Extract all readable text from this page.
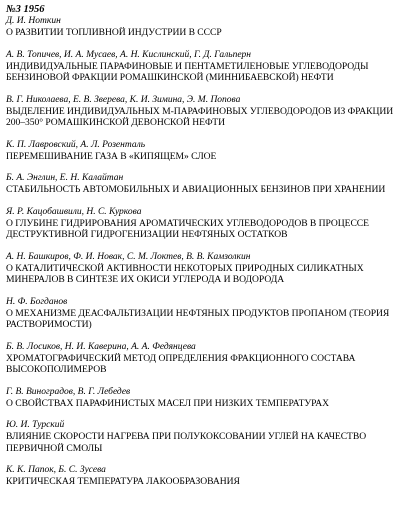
№3 1956
Д. И. Ноткин
О РАЗВИТИИ ТОПЛИВНОЙ ИНДУСТРИИ В СССР
А. В. Топичев, И. А. Мусаев, А. Н. Кислинский, Г. Д. Гальперн
ИНДИВИДУАЛЬНЫЕ ПАРАФИНОВЫЕ И ПЕНТАМЕТИЛЕНОВЫЕ УГЛЕВОДОРОДЫ БЕНЗИНОВОЙ ФРАКЦИИ РОМАШКИНСКОЙ (МИННИБАЕВСКОЙ) НЕФТИ
В. Г. Николаева, Е. В. Зверева, К. И. Зимина, Э. М. Попова
ВЫДЕЛЕНИЕ ИНДИВИДУАЛЬНЫХ М-ПАРАФИНОВЫХ УГЛЕВОДОРОДОВ ИЗ ФРАКЦИИ 200–350° РОМАШКИНСКОЙ ДЕВОНСКОЙ НЕФТИ
К. П. Лавровский, А. Л. Розенталь
ПЕРЕМЕШИВАНИЕ ГАЗА В «КИПЯЩЕМ» СЛОЕ
Б. А. Энглин, Е. Н. Калайтан
СТАБИЛЬНОСТЬ АВТОМОБИЛЬНЫХ И АВИАЦИОННЫХ БЕНЗИНОВ ПРИ ХРАНЕНИИ
Я. Р. Кацобашвили, Н. С. Куркова
О ГЛУБИНЕ ГИДРИРОВАНИЯ АРОМАТИЧЕСКИХ УГЛЕВОДОРОДОВ В ПРОЦЕССЕ ДЕСТРУКТИВНОЙ ГИДРОГЕНИЗАЦИИ НЕФТЯНЫХ ОСТАТКОВ
А. Н. Башкиров, Ф. И. Новак, С. М. Локтев, В. В. Камзолкин
О КАТАЛИТИЧЕСКОЙ АКТИВНОСТИ НЕКОТОРЫХ ПРИРОДНЫХ СИЛИКАТНЫХ МИНЕРАЛОВ В СИНТЕЗЕ ИХ ОКИСИ УГЛЕРОДА И ВОДОРОДА
Н. Ф. Богданов
О МЕХАНИЗМЕ ДЕАСФАЛЬТИЗАЦИИ НЕФТЯНЫХ ПРОДУКТОВ ПРОПАНОМ (ТЕОРИЯ РАСТВОРИМОСТИ)
Б. В. Лосиков, Н. И. Каверина, А. А. Федянцева
ХРОМАТОГРАФИЧЕСКИЙ МЕТОД ОПРЕДЕЛЕНИЯ ФРАКЦИОННОГО СОСТАВА ВЫСОКОПОЛИМЕРОВ
Г. В. Виноградов, В. Г. Лебедев
О СВОЙСТВАХ ПАРАФИНИСТЫХ МАСЕЛ ПРИ НИЗКИХ ТЕМПЕРАТУРАХ
Ю. И. Турский
ВЛИЯНИЕ СКОРОСТИ НАГРЕВА ПРИ ПОЛУКОКСОВАНИИ УГЛЕЙ НА КАЧЕСТВО ПЕРВИЧНОЙ СМОЛЫ
К. К. Папок, Б. С. Зусева
КРИТИЧЕСКАЯ ТЕМПЕРАТУРА ЛАКООБРАЗОВАНИЯ
